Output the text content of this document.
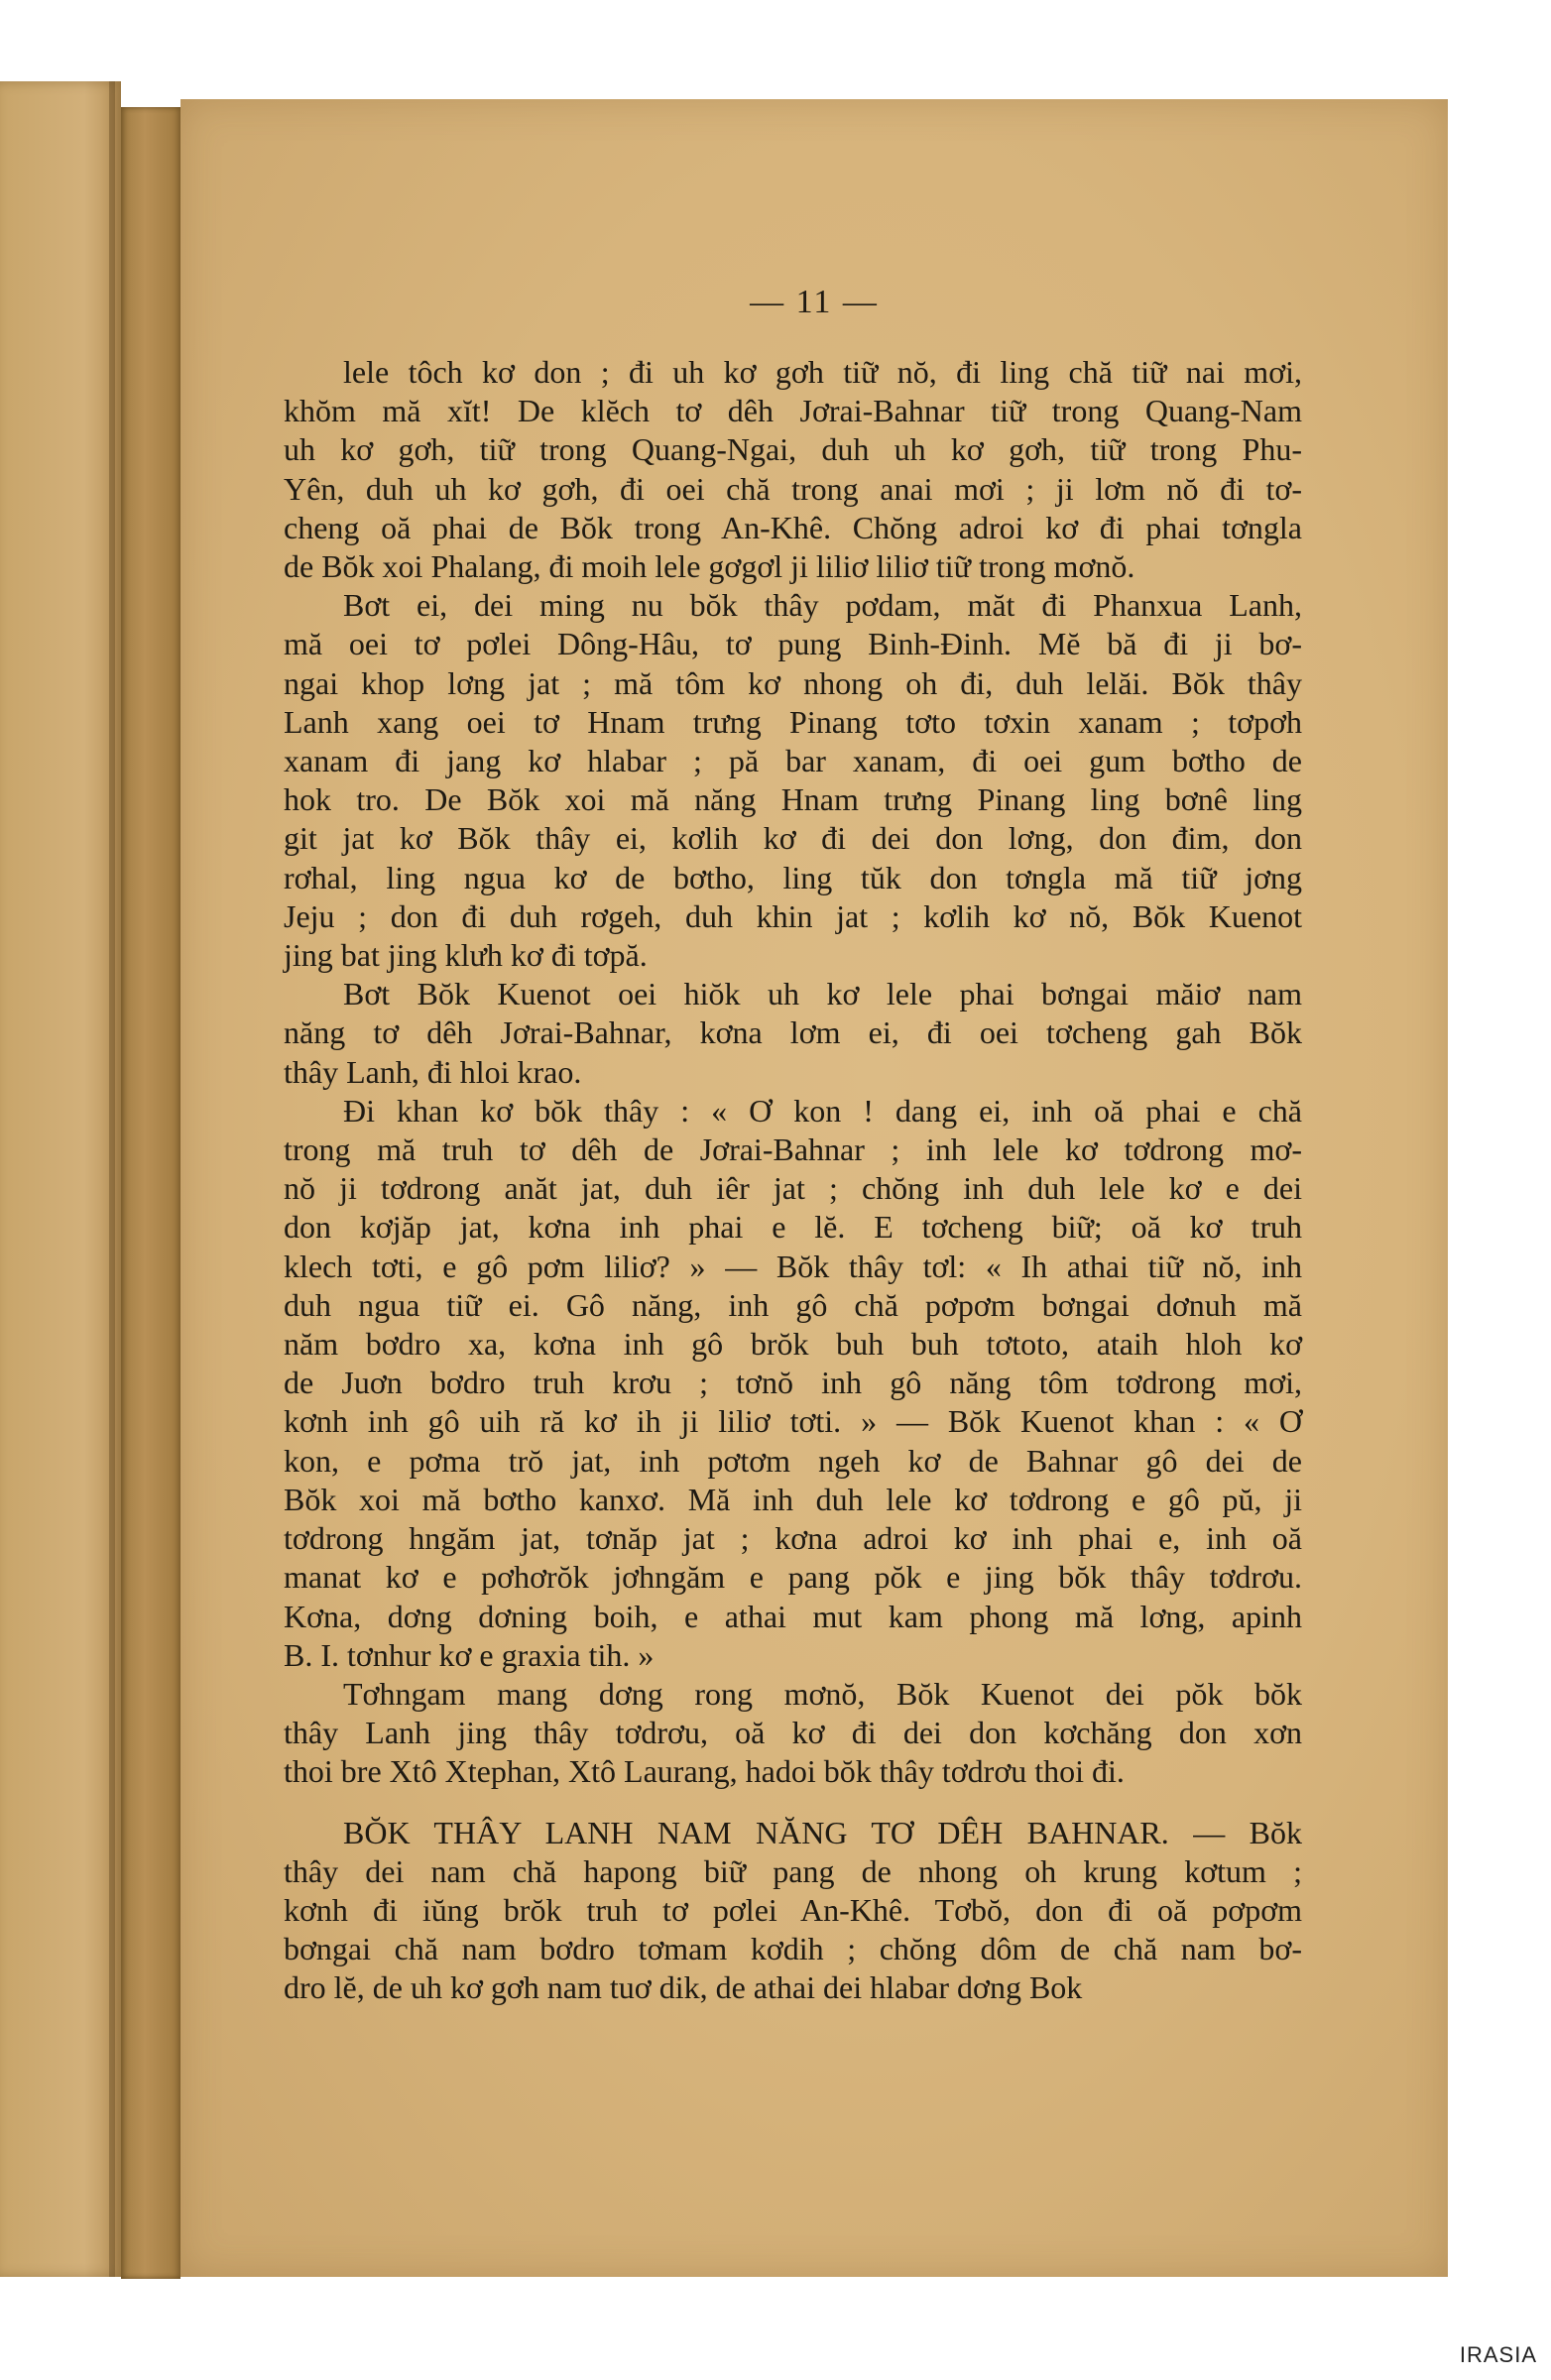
— 11 —
lele tôch kơ don ; đi uh kơ gơh tiữ nŏ, đi ling chă tiữ nai mơi,
khŏm mă xĭt! De klĕch tơ dêh Jơrai-Bahnar tiữ trong Quang-Nam
uh kơ gơh, tiữ trong Quang-Ngai, duh uh kơ gơh, tiữ trong Phu-
Yên, duh uh kơ gơh, đi oei chă trong anai mơi ; ji lơm nŏ đi tơ-
cheng oă phai de Bŏk trong An-Khê. Chŏng adroi kơ đi phai tơngla
de Bŏk xoi Phalang, đi moih lele gơgơl ji liliơ liliơ tiữ trong mơnŏ.
Bơt ei, dei ming nu bŏk thây pơdam, măt đi Phanxua Lanh,
mă oei tơ pơlei Dông-Hâu, tơ pung Binh-Đinh. Mĕ bă đi ji bơ-
ngai khop lơng jat ; mă tôm kơ nhong oh đi, duh lelăi. Bŏk thây
Lanh xang oei tơ Hnam trưng Pinang tơto tơxin xanam ; tơpơh
xanam đi jang kơ hlabar ; pă bar xanam, đi oei gum bơtho de
hok tro. De Bŏk xoi mă năng Hnam trưng Pinang ling bơnê ling
git jat kơ Bŏk thây ei, kơlih kơ đi dei don lơng, don đim, don
rơhal, ling ngua kơ de bơtho, ling tŭk don tơngla mă tiữ jơng
Jeju ; don đi duh rơgeh, duh khin jat ; kơlih kơ nŏ, Bŏk Kuenot
jing bat jing klưh kơ đi tơpă.
Bơt Bŏk Kuenot oei hiŏk uh kơ lele phai bơngai măiơ nam
năng tơ dêh Jơrai-Bahnar, kơna lơm ei, đi oei tơcheng gah Bŏk
thây Lanh, đi hloi krao.
Đi khan kơ bŏk thây : « Ơ kon ! dang ei, inh oă phai e chă
trong mă truh tơ dêh de Jơrai-Bahnar ; inh lele kơ tơdrong mơ-
nŏ ji tơdrong anăt jat, duh iêr jat ; chŏng inh duh lele kơ e dei
don kơjăp jat, kơna inh phai e lĕ. E tơcheng biữ; oă kơ truh
klech tơti, e gô pơm liliơ? » — Bŏk thây tơl: « Ih athai tiữ nŏ, inh
duh ngua tiữ ei. Gô năng, inh gô chă pơpơm bơngai dơnuh mă
năm bơdro xa, kơna inh gô brŏk buh buh tơtoto, ataih hloh kơ
de Juơn bơdro truh krơu ; tơnŏ inh gô năng tôm tơdrong mơi,
kơnh inh gô uih ră kơ ih ji liliơ tơti. » — Bŏk Kuenot khan : « Ơ
kon, e pơma trŏ jat, inh pơtơm ngeh kơ de Bahnar gô dei de
Bŏk xoi mă bơtho kanxơ. Mă inh duh lele kơ tơdrong e gô pŭ, ji
tơdrong hngăm jat, tơnăp jat ; kơna adroi kơ inh phai e, inh oă
manat kơ e pơhơrŏk jơhngăm e pang pŏk e jing bŏk thây tơdrơu.
Kơna, dơng dơning boih, e athai mut kam phong mă lơng, apinh
B. I. tơnhur kơ e graxia tih. »
Tơhngam mang dơng rong mơnŏ, Bŏk Kuenot dei pŏk bŏk
thây Lanh jing thây tơdrơu, oă kơ đi dei don kơchăng don xơn
thoi bre Xtô Xtephan, Xtô Laurang, hadoi bŏk thây tơdrơu thoi đi.
BŎK THÂY LANH NAM NĂNG TƠ DÊH BAHNAR. — Bŏk
thây dei nam chă hapong biữ pang de nhong oh krung kơtum ;
kơnh đi iŭng brŏk truh tơ pơlei An-Khê. Tơbŏ, don đi oă pơpơm
bơngai chă nam bơdro tơmam kơdih ; chŏng dôm de chă nam bơ-
dro lĕ, de uh kơ gơh nam tuơ dik, de athai dei hlabar dơng Bok
IRASIA
